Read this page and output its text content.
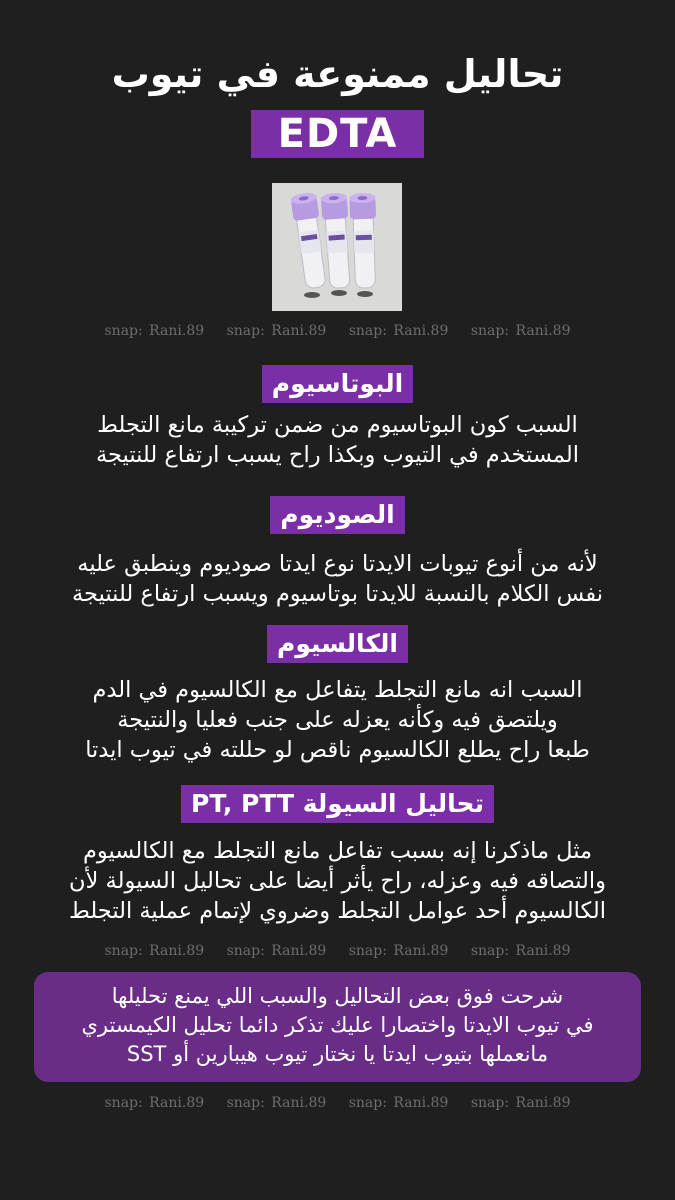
تحاليل ممنوعة في تيوب
EDTA
snap: Rani.89 snap: Rani.89 snap: Rani.89 snap: Rani.89
البوتاسيوم
السبب كون البوتاسيوم من ضمن تركيبة مانع التجلط
المستخدم في التيوب وبكذا راح يسبب ارتفاع للنتيجة
الصوديوم
لأنه من أنوع تيوبات الايدتا نوع ايدتا صوديوم وينطبق عليه
نفس الكلام بالنسبة للايدتا بوتاسيوم ويسبب ارتفاع للنتيجة
الكالسيوم
السبب انه مانع التجلط يتفاعل مع الكالسيوم في الدم
ويلتصق فيه وكأنه يعزله على جنب فعليا والنتيجة
طبعا راح يطلع الكالسيوم ناقص لو حللته في تيوب ايدتا
تحاليل السيولة PT, PTT
مثل ماذكرنا إنه بسبب تفاعل مانع التجلط مع الكالسيوم
والتصاقه فيه وعزله، راح يأثر أيضا على تحاليل السيولة لأن
الكالسيوم أحد عوامل التجلط وضروي لإتمام عملية التجلط
snap: Rani.89 snap: Rani.89 snap: Rani.89 snap: Rani.89
شرحت فوق بعض التحاليل والسبب اللي يمنع تحليلها
في تيوب الايدتا واختصارا عليك تذكر دائما تحليل الكيمستري
مانعملها بتيوب ايدتا يا نختار تيوب هيبارين أو SST
snap: Rani.89 snap: Rani.89 snap: Rani.89 snap: Rani.89
